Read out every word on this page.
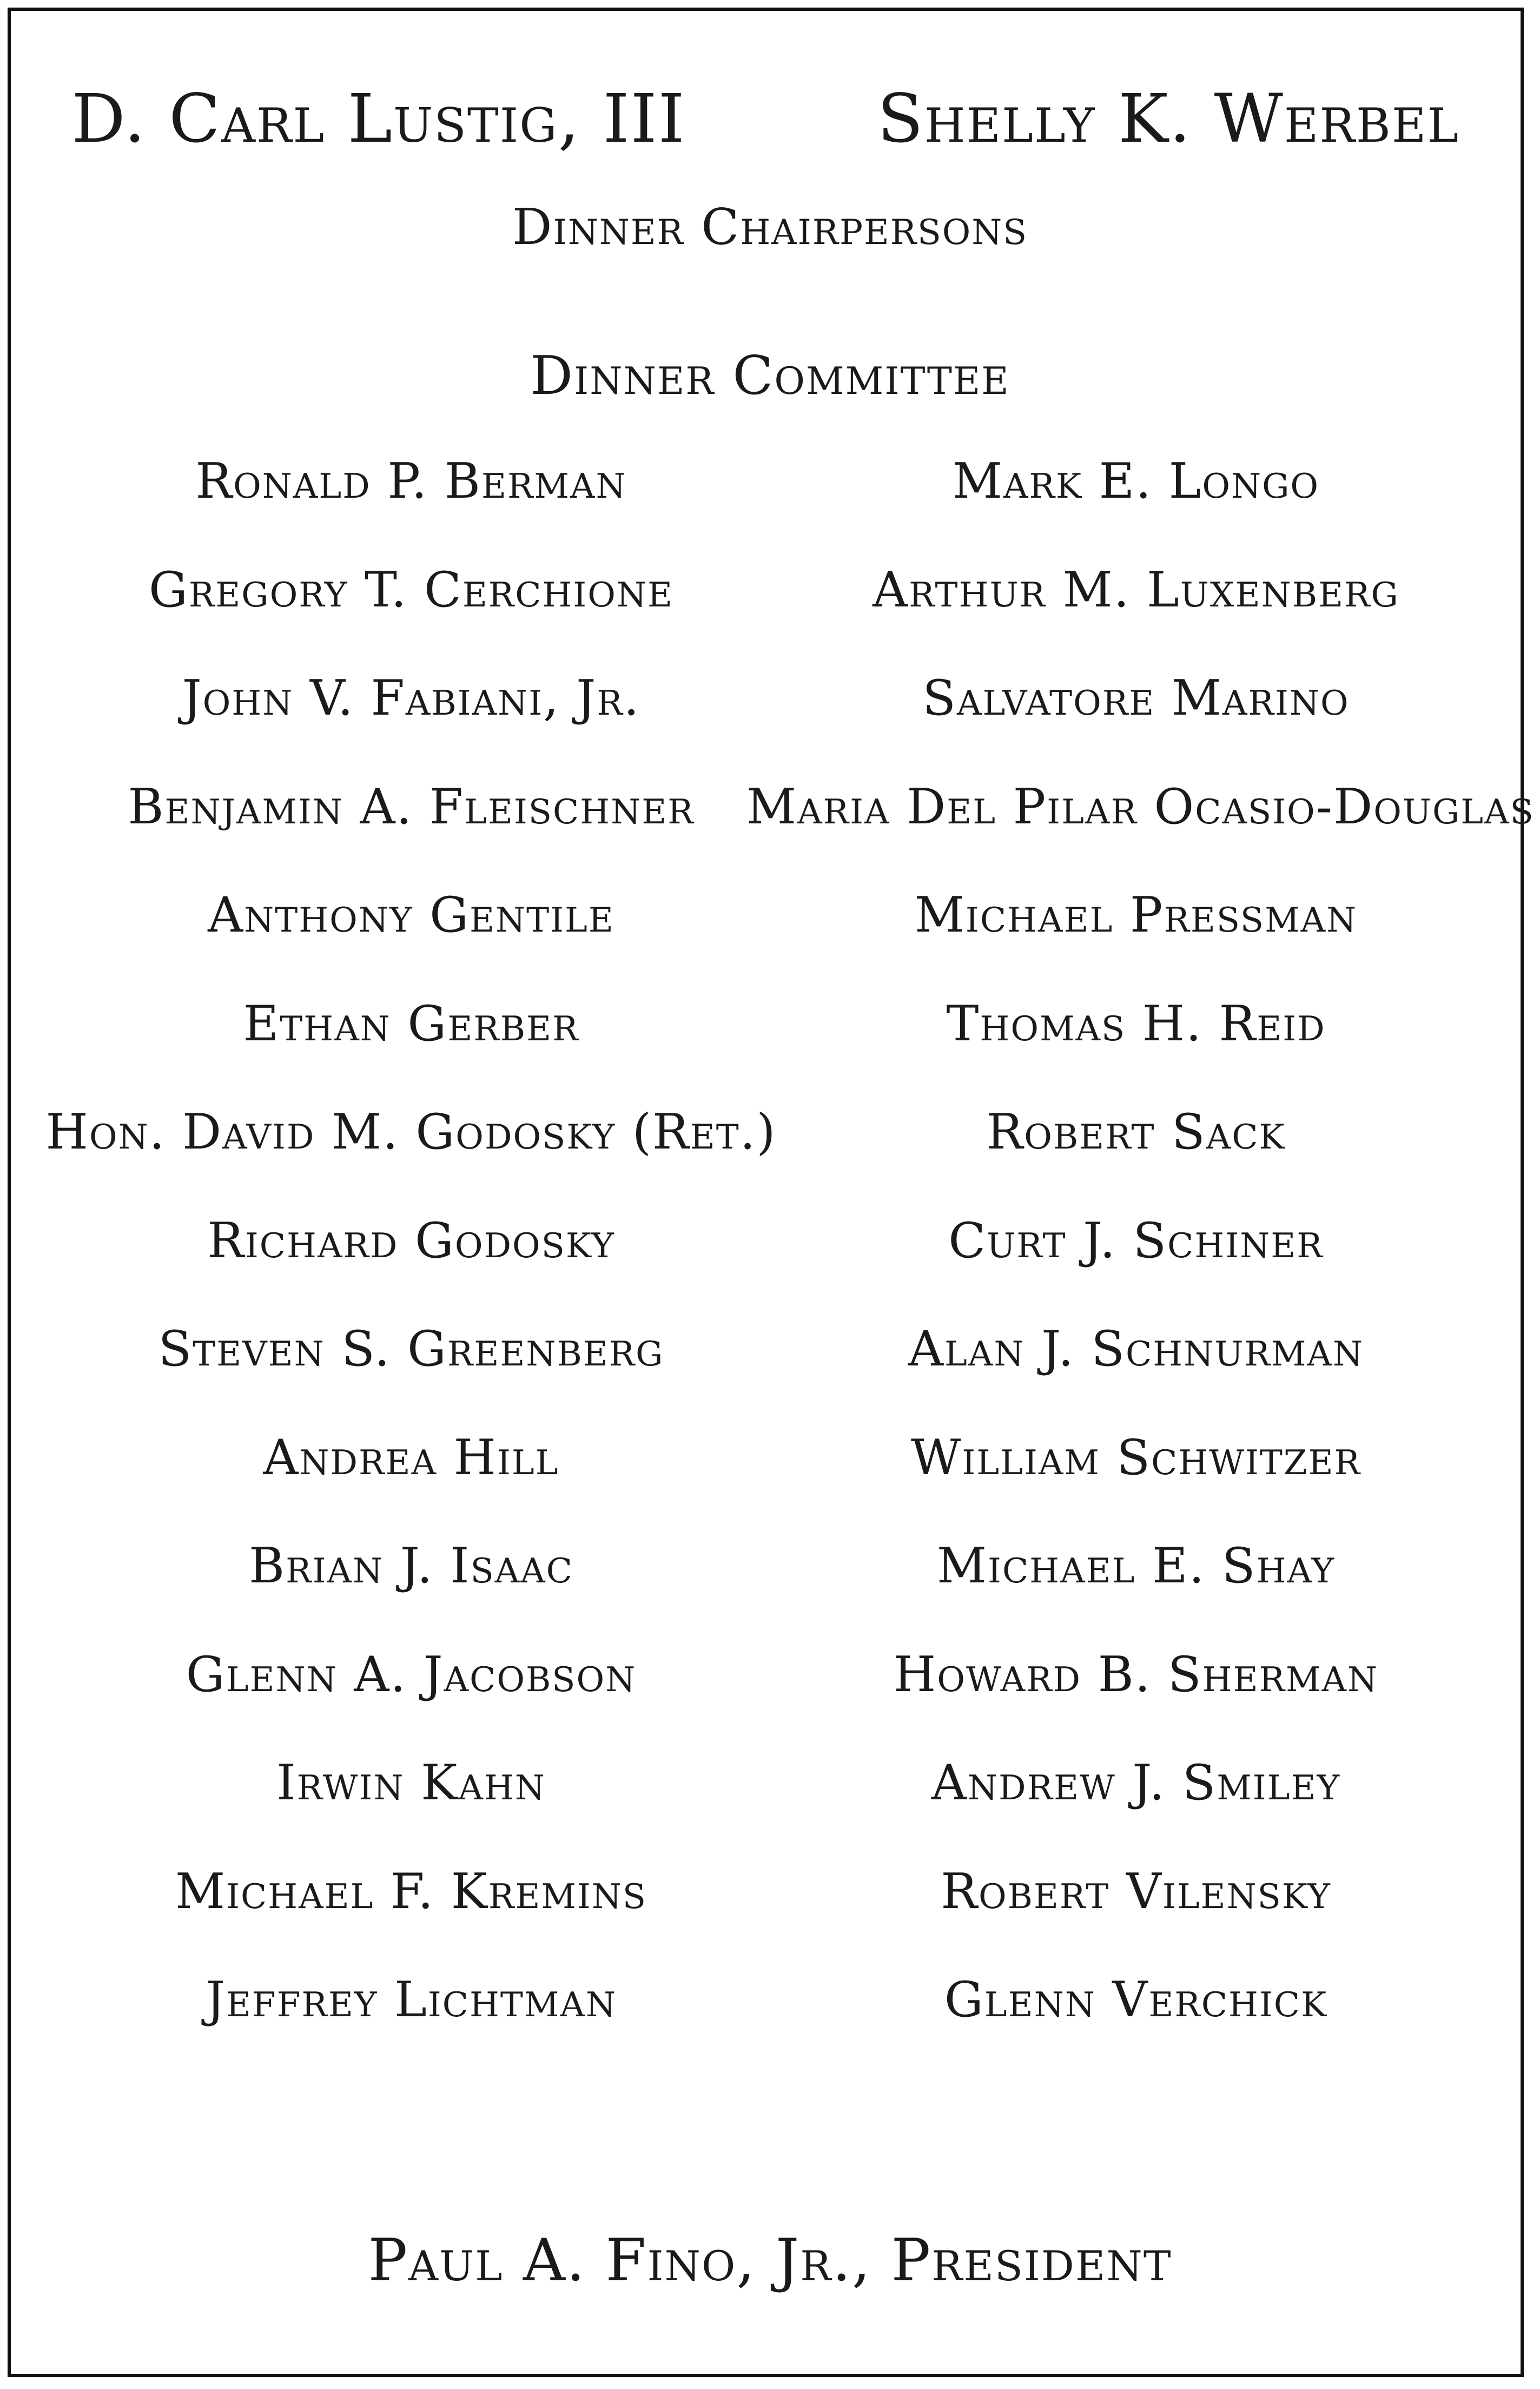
D. Carl Lustig, III	Shelly K. Werbel
Dinner Chairpersons
Dinner Committee
Ronald P. Berman
Gregory T. Cerchione
John V. Fabiani, Jr.
Benjamin A. Fleischner
Anthony Gentile
Ethan Gerber
Hon. David M. Godosky (Ret.)
Richard Godosky
Steven S. Greenberg
Andrea Hill
Brian J. Isaac
Glenn A. Jacobson
Irwin Kahn
Michael F. Kremins
Jeffrey Lichtman
Mark E. Longo
Arthur M. Luxenberg
Salvatore Marino
Maria Del Pilar Ocasio-Douglas
Michael Pressman
Thomas H. Reid
Robert Sack
Curt J. Schiner
Alan J. Schnurman
William Schwitzer
Michael E. Shay
Howard B. Sherman
Andrew J. Smiley
Robert Vilensky
Glenn Verchick
Paul A. Fino, Jr., President
